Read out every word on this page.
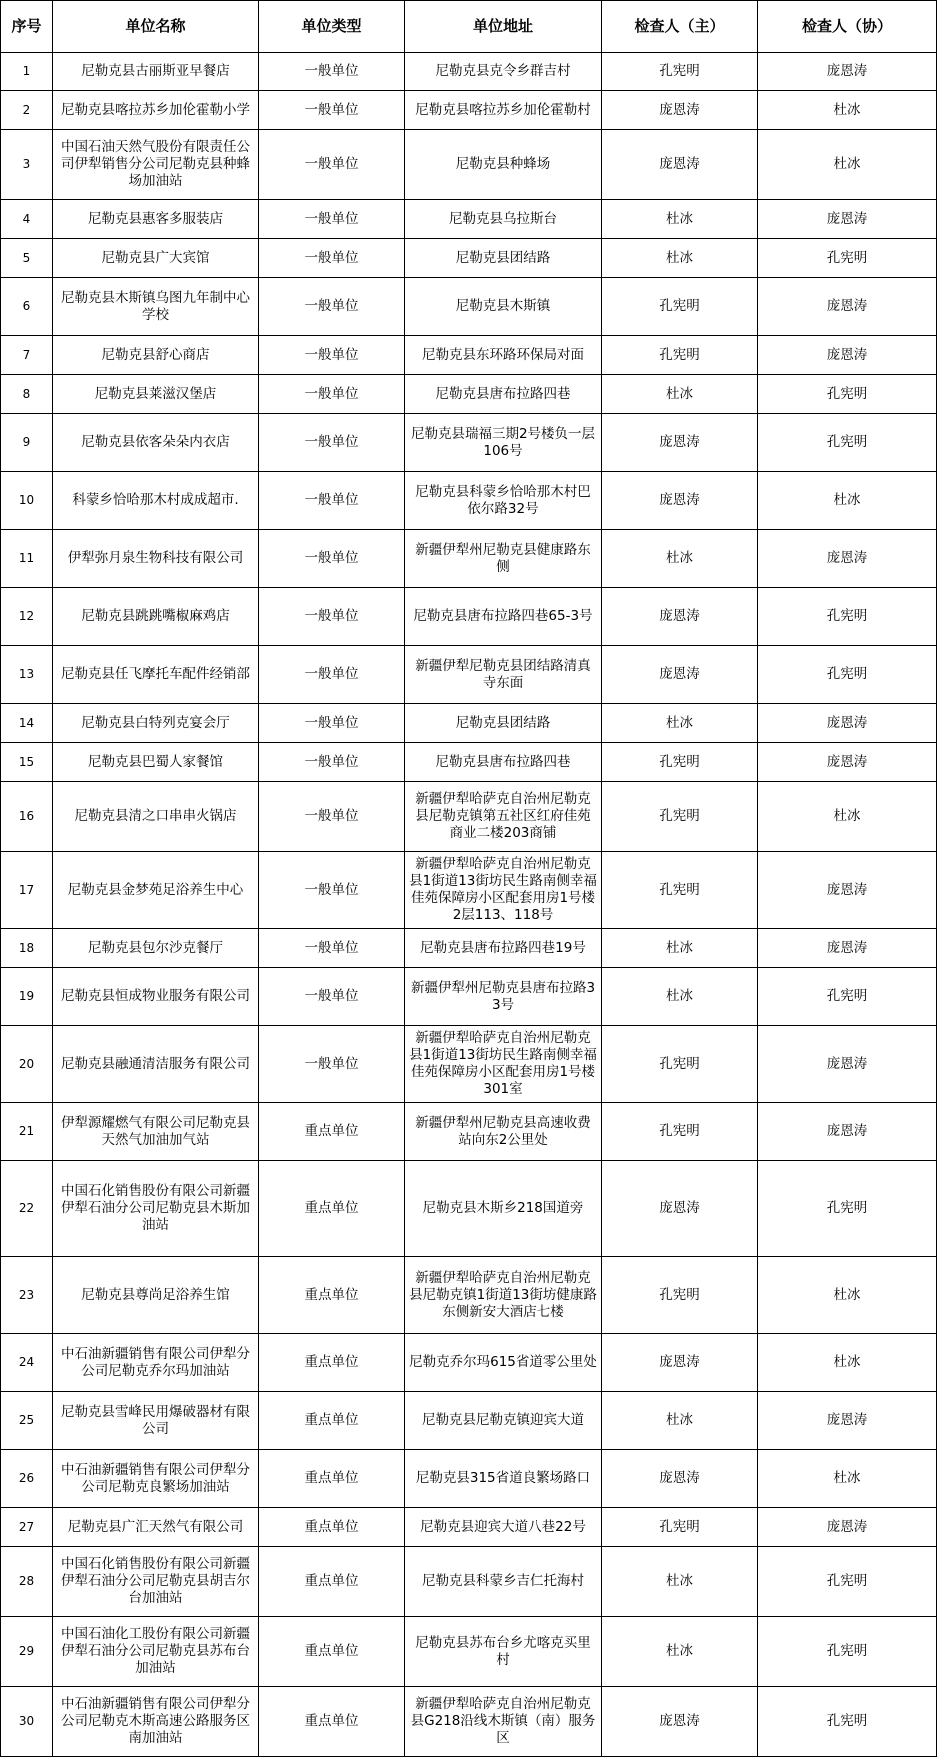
序号	单位名称	单位类型	单位地址	检查人（主）	检查人（协）
1	尼勒克县古丽斯亚早餐店	一般单位	尼勒克县克令乡群吉村	孔宪明	庞恩涛
2	尼勒克县喀拉苏乡加伦霍勒小学	一般单位	尼勒克县喀拉苏乡加伦霍勒村	庞恩涛	杜冰
3	中国石油天然气股份有限责任公司伊犁销售分公司尼勒克县种蜂场加油站	一般单位	尼勒克县种蜂场	庞恩涛	杜冰
4	尼勒克县惠客多服装店	一般单位	尼勒克县乌拉斯台	杜冰	庞恩涛
5	尼勒克县广大宾馆	一般单位	尼勒克县团结路	杜冰	孔宪明
6	尼勒克县木斯镇乌图九年制中心学校	一般单位	尼勒克县木斯镇	孔宪明	庞恩涛
7	尼勒克县舒心商店	一般单位	尼勒克县东环路环保局对面	孔宪明	庞恩涛
8	尼勒克县莱滋汉堡店	一般单位	尼勒克县唐布拉路四巷	杜冰	孔宪明
9	尼勒克县依客朵朵内衣店	一般单位	尼勒克县瑞福三期2号楼负一层106号	庞恩涛	孔宪明
10	科蒙乡恰哈那木村成成超市.	一般单位	尼勒克县科蒙乡恰哈那木村巴依尔路32号	庞恩涛	杜冰
11	伊犁弥月泉生物科技有限公司	一般单位	新疆伊犁州尼勒克县健康路东侧	杜冰	庞恩涛
12	尼勒克县跳跳嘴椒麻鸡店	一般单位	尼勒克县唐布拉路四巷65-3号	庞恩涛	孔宪明
13	尼勒克县任飞摩托车配件经销部	一般单位	新疆伊犁尼勒克县团结路清真寺东面	庞恩涛	孔宪明
14	尼勒克县白特列克宴会厅	一般单位	尼勒克县团结路	杜冰	庞恩涛
15	尼勒克县巴蜀人家餐馆	一般单位	尼勒克县唐布拉路四巷	孔宪明	庞恩涛
16	尼勒克县清之口串串火锅店	一般单位	新疆伊犁哈萨克自治州尼勒克县尼勒克镇第五社区红府佳苑商业二楼203商铺	孔宪明	杜冰
17	尼勒克县金梦苑足浴养生中心	一般单位	新疆伊犁哈萨克自治州尼勒克县1街道13街坊民生路南侧幸福佳苑保障房小区配套用房1号楼2层113、118号	孔宪明	庞恩涛
18	尼勒克县包尔沙克餐厅	一般单位	尼勒克县唐布拉路四巷19号	杜冰	庞恩涛
19	尼勒克县恒成物业服务有限公司	一般单位	新疆伊犁州尼勒克县唐布拉路33号	杜冰	孔宪明
20	尼勒克县融通清洁服务有限公司	一般单位	新疆伊犁哈萨克自治州尼勒克县1街道13街坊民生路南侧幸福佳苑保障房小区配套用房1号楼301室	孔宪明	庞恩涛
21	伊犁源耀燃气有限公司尼勒克县天然气加油加气站	重点单位	新疆伊犁州尼勒克县高速收费站向东2公里处	孔宪明	庞恩涛
22	中国石化销售股份有限公司新疆伊犁石油分公司尼勒克县木斯加油站	重点单位	尼勒克县木斯乡218国道旁	庞恩涛	孔宪明
23	尼勒克县尊尚足浴养生馆	重点单位	新疆伊犁哈萨克自治州尼勒克县尼勒克镇1街道13街坊健康路东侧新安大酒店七楼	孔宪明	杜冰
24	中石油新疆销售有限公司伊犁分公司尼勒克乔尔玛加油站	重点单位	尼勒克乔尔玛615省道零公里处	庞恩涛	杜冰
25	尼勒克县雪峰民用爆破器材有限公司	重点单位	尼勒克县尼勒克镇迎宾大道	杜冰	庞恩涛
26	中石油新疆销售有限公司伊犁分公司尼勒克良繁场加油站	重点单位	尼勒克县315省道良繁场路口	庞恩涛	杜冰
27	尼勒克县广汇天然气有限公司	重点单位	尼勒克县迎宾大道八巷22号	孔宪明	庞恩涛
28	中国石化销售股份有限公司新疆伊犁石油分公司尼勒克县胡吉尔台加油站	重点单位	尼勒克县科蒙乡吉仁托海村	杜冰	孔宪明
29	中国石油化工股份有限公司新疆伊犁石油分公司尼勒克县苏布台加油站	重点单位	尼勒克县苏布台乡尤喀克买里村	杜冰	孔宪明
30	中石油新疆销售有限公司伊犁分公司尼勒克木斯高速公路服务区南加油站	重点单位	新疆伊犁哈萨克自治州尼勒克县G218沿线木斯镇（南）服务区	庞恩涛	孔宪明
